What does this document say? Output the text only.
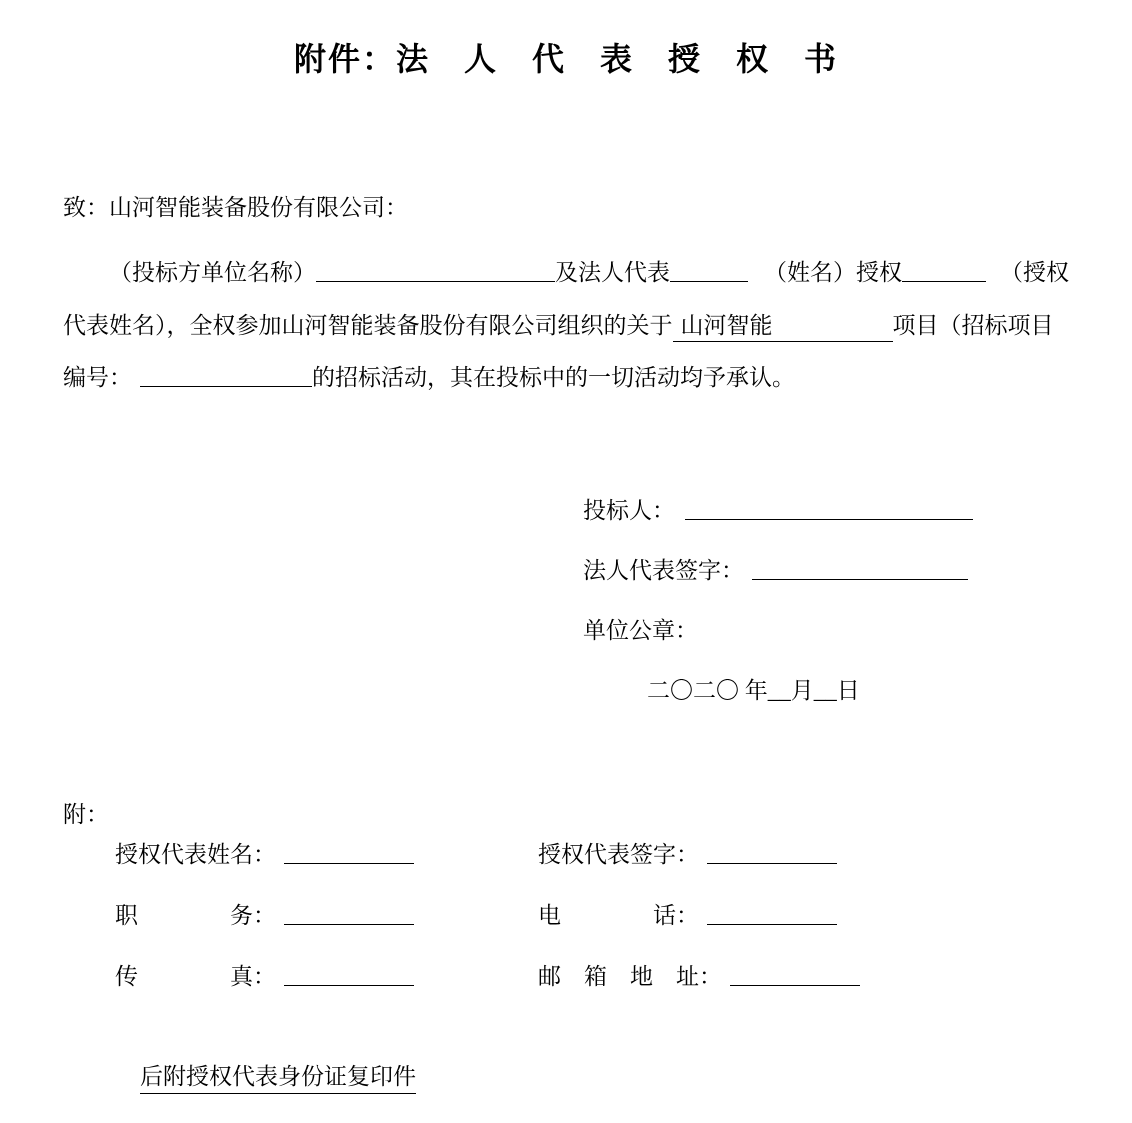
附件：法　人　代　表　授　权　书
致：山河智能装备股份有限公司：
（投标方单位名称）	及法人代表	（姓名）授权	（授权
代表姓名），全权参加山河智能装备股份有限公司组织的关于 山河智能	项目（招标项目
编号：	的招标活动，其在投标中的一切活动均予承认。
投标人：
法人代表签字：
单位公章：
二〇二〇 年__月__日
附：
授权代表姓名：	授权代表签字：
职　　　　务：	电　　　　话：
传　　　　真：	邮　箱　地　址：
后附授权代表身份证复印件
